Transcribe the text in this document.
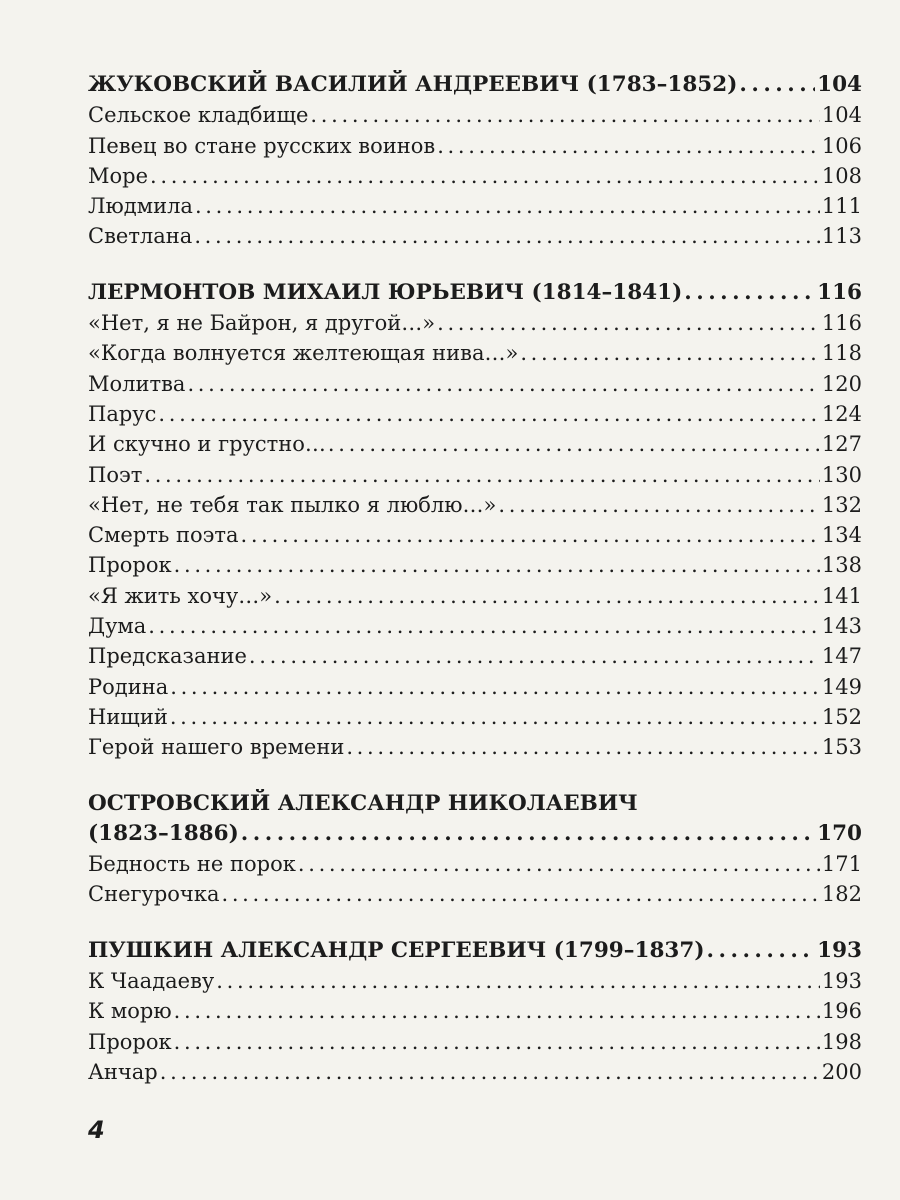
ЖУКОВСКИЙ ВАСИЛИЙ АНДРЕЕВИЧ (1783–1852) . . .	104
Сельское кладбище . . .	104
Певец во стане русских воинов . . .	106
Море . . .	108
Людмила . . .	111
Светлана . . .	113
ЛЕРМОНТОВ МИХАИЛ ЮРЬЕВИЧ (1814–1841) . . .	116
«Нет, я не Байрон, я другой…» . . .	116
«Когда волнуется желтеющая нива…» . . .	118
Молитва . . .	120
Парус . . .	124
И скучно и грустно… . . .	127
Поэт . . .	130
«Нет, не тебя так пылко я люблю…» . . .	132
Смерть поэта . . .	134
Пророк . . .	138
«Я жить хочу…» . . .	141
Дума . . .	143
Предсказание . . .	147
Родина . . .	149
Нищий . . .	152
Герой нашего времени . . .	153
ОСТРОВСКИЙ АЛЕКСАНДР НИКОЛАЕВИЧ
(1823–1886) . . .	170
Бедность не порок . . .	171
Снегурочка . . .	182
ПУШКИН АЛЕКСАНДР СЕРГЕЕВИЧ (1799–1837) . . .	193
К Чаадаеву . . .	193
К морю . . .	196
Пророк . . .	198
Анчар . . .	200
4
